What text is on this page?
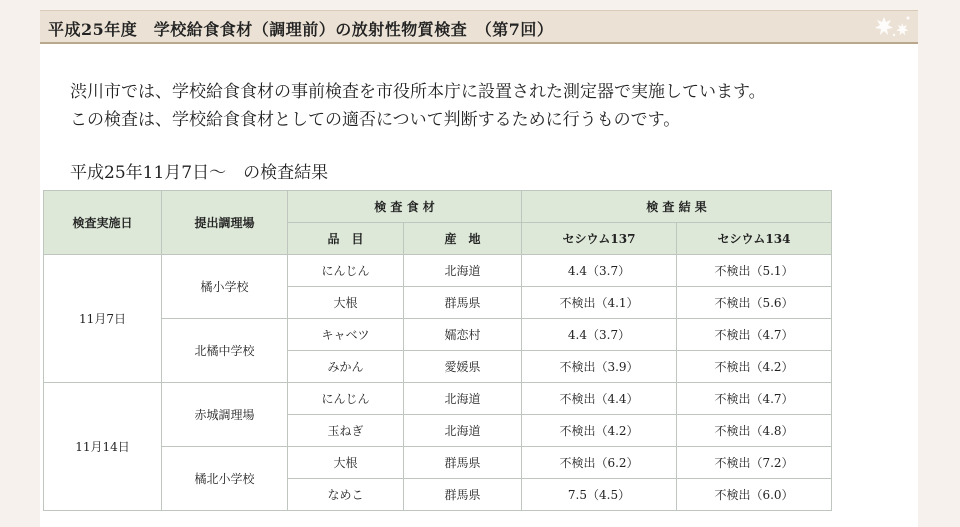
平成25年度　学校給食食材（調理前）の放射性物質検査　（第7回）
渋川市では、学校給食食材の事前検査を市役所本庁に設置された測定器で実施しています。
この検査は、学校給食食材としての適否について判断するために行うものです。
平成25年11月7日～　の検査結果
検査実施日	提出調理場	検 査 食 材		検 査 結 果	
		品　目	産　地	セシウム137	セシウム134
11月7日	橘小学校	にんじん	北海道	4.4（3.7）	不検出（5.1）
		大根	群馬県	不検出（4.1）	不検出（5.6）
	北橘中学校	キャベツ	嬬恋村	4.4（3.7）	不検出（4.7）
		みかん	愛媛県	不検出（3.9）	不検出（4.2）
11月14日	赤城調理場	にんじん	北海道	不検出（4.4）	不検出（4.7）
		玉ねぎ	北海道	不検出（4.2）	不検出（4.8）
	橘北小学校	大根	群馬県	不検出（6.2）	不検出（7.2）
		なめこ	群馬県	7.5（4.5）	不検出（6.0）
